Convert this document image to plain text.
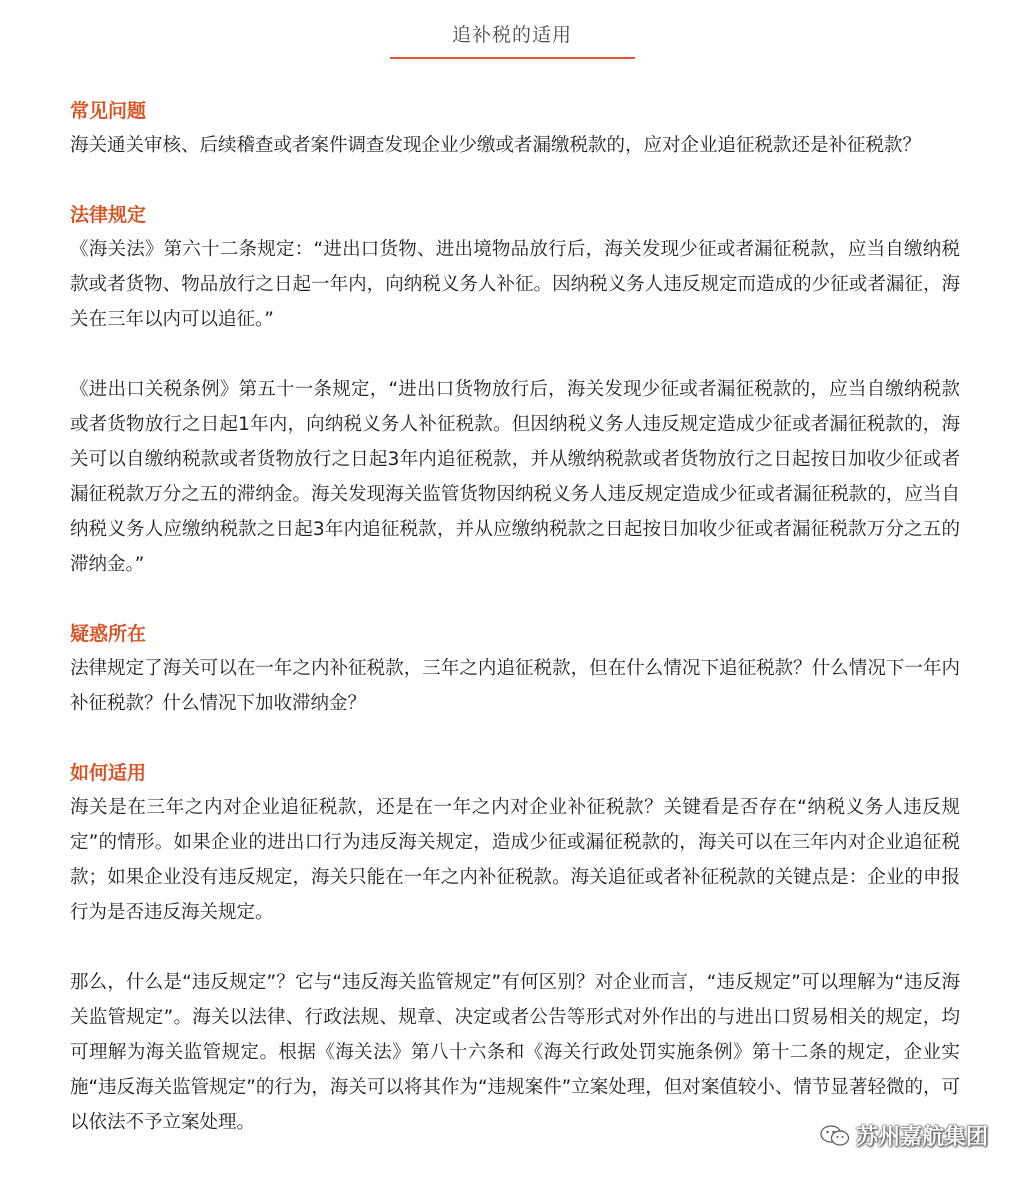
追补税的适用

常见问题

海关通关审核、后续稽查或者案件调查发现企业少缴或者漏缴税款的，应对企业追征税款还是补征税款？

法律规定

《海关法》第六十二条规定：“进出口货物、进出境物品放行后，海关发现少征或者漏征税款，应当自缴纳税款或者货物、物品放行之日起一年内，向纳税义务人补征。因纳税义务人违反规定而造成的少征或者漏征，海关在三年以内可以追征。”

《进出口关税条例》第五十一条规定，“进出口货物放行后，海关发现少征或者漏征税款的，应当自缴纳税款或者货物放行之日起1年内，向纳税义务人补征税款。但因纳税义务人违反规定造成少征或者漏征税款的，海关可以自缴纳税款或者货物放行之日起3年内追征税款，并从缴纳税款或者货物放行之日起按日加收少征或者漏征税款万分之五的滞纳金。海关发现海关监管货物因纳税义务人违反规定造成少征或者漏征税款的，应当自纳税义务人应缴纳税款之日起3年内追征税款，并从应缴纳税款之日起按日加收少征或者漏征税款万分之五的滞纳金。”

疑惑所在

法律规定了海关可以在一年之内补征税款，三年之内追征税款，但在什么情况下追征税款？什么情况下一年内补征税款？什么情况下加收滞纳金？

如何适用

海关是在三年之内对企业追征税款，还是在一年之内对企业补征税款？关键看是否存在“纳税义务人违反规定”的情形。如果企业的进出口行为违反海关规定，造成少征或漏征税款的，海关可以在三年内对企业追征税款；如果企业没有违反规定，海关只能在一年之内补征税款。海关追征或者补征税款的关键点是：企业的申报行为是否违反海关规定。

那么，什么是“违反规定”？它与“违反海关监管规定”有何区别？对企业而言，“违反规定”可以理解为“违反海关监管规定”。海关以法律、行政法规、规章、决定或者公告等形式对外作出的与进出口贸易相关的规定，均可理解为海关监管规定。根据《海关法》第八十六条和《海关行政处罚实施条例》第十二条的规定，企业实施“违反海关监管规定”的行为，海关可以将其作为“违规案件”立案处理，但对案值较小、情节显著轻微的，可以依法不予立案处理。

苏州嘉航集团
